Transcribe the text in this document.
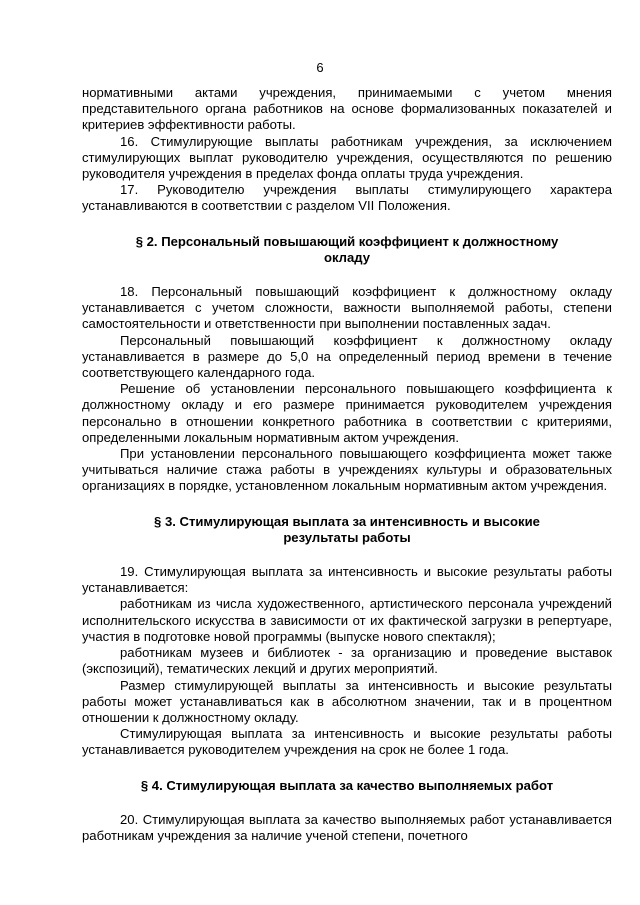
6

нормативными актами учреждения, принимаемыми с учетом мнения представительного органа работников на основе формализованных показателей и критериев эффективности работы.

16. Стимулирующие выплаты работникам учреждения, за исключением стимулирующих выплат руководителю учреждения, осуществляются по решению руководителя учреждения в пределах фонда оплаты труда учреждения.

17. Руководителю учреждения выплаты стимулирующего характера устанавливаются в соответствии с разделом VII Положения.

§ 2. Персональный повышающий коэффициент к должностному
окладу

18. Персональный повышающий коэффициент к должностному окладу устанавливается с учетом сложности, важности выполняемой работы, степени самостоятельности и ответственности при выполнении поставленных задач.

Персональный повышающий коэффициент к должностному окладу устанавливается в размере до 5,0 на определенный период времени в течение соответствующего календарного года.

Решение об установлении персонального повышающего коэффициента к должностному окладу и его размере принимается руководителем учреждения персонально в отношении конкретного работника в соответствии с критериями, определенными локальным нормативным актом учреждения.

При установлении персонального повышающего коэффициента может также учитываться наличие стажа работы в учреждениях культуры и образовательных организациях в порядке, установленном локальным нормативным актом учреждения.

§ 3. Стимулирующая выплата за интенсивность и высокие
результаты работы

19. Стимулирующая выплата за интенсивность и высокие результаты работы устанавливается:

работникам из числа художественного, артистического персонала учреждений исполнительского искусства в зависимости от их фактической загрузки в репертуаре, участия в подготовке новой программы (выпуске нового спектакля);

работникам музеев и библиотек - за организацию и проведение выставок (экспозиций), тематических лекций и других мероприятий.

Размер стимулирующей выплаты за интенсивность и высокие результаты работы может устанавливаться как в абсолютном значении, так и в процентном отношении к должностному окладу.

Стимулирующая выплата за интенсивность и высокие результаты работы устанавливается руководителем учреждения на срок не более 1 года.

§ 4. Стимулирующая выплата за качество выполняемых работ

20. Стимулирующая выплата за качество выполняемых работ устанавливается работникам учреждения за наличие ученой степени, почетного
